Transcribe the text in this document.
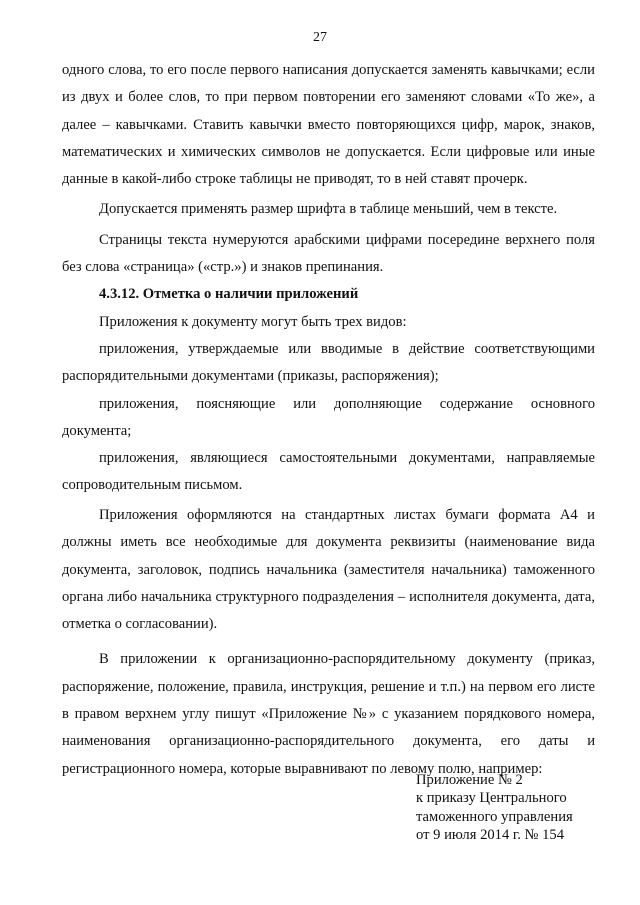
27

одного слова, то его после первого написания допускается заменять кавычками; если из двух и более слов, то при первом повторении его заменяют словами «То же», а далее – кавычками. Ставить кавычки вместо повторяющихся цифр, марок, знаков, математических и химических символов не допускается. Если цифровые или иные данные в какой-либо строке таблицы не приводят, то в ней ставят прочерк.

Допускается применять размер шрифта в таблице меньший, чем в тексте.

Страницы текста нумеруются арабскими цифрами посередине верхнего поля без слова «страница» («стр.») и знаков препинания.

4.3.12. Отметка о наличии приложений

Приложения к документу могут быть трех видов:

приложения, утверждаемые или вводимые в действие соответствующими распорядительными документами (приказы, распоряжения);

приложения, поясняющие или дополняющие содержание основного документа;

приложения, являющиеся самостоятельными документами, направляемые сопроводительным письмом.

Приложения оформляются на стандартных листах бумаги формата А4 и должны иметь все необходимые для документа реквизиты (наименование вида документа, заголовок, подпись начальника (заместителя начальника) таможенного органа либо начальника структурного подразделения – исполнителя документа, дата, отметка о согласовании).

В приложении к организационно-распорядительному документу (приказ, распоряжение, положение, правила, инструкция, решение и т.п.) на первом его листе в правом верхнем углу пишут «Приложение №» с указанием порядкового номера, наименования организационно-распорядительного документа, его даты и регистрационного номера, которые выравнивают по левому полю, например:

Приложение № 2
к приказу Центрального
таможенного управления
от 9 июля 2014 г. № 154
